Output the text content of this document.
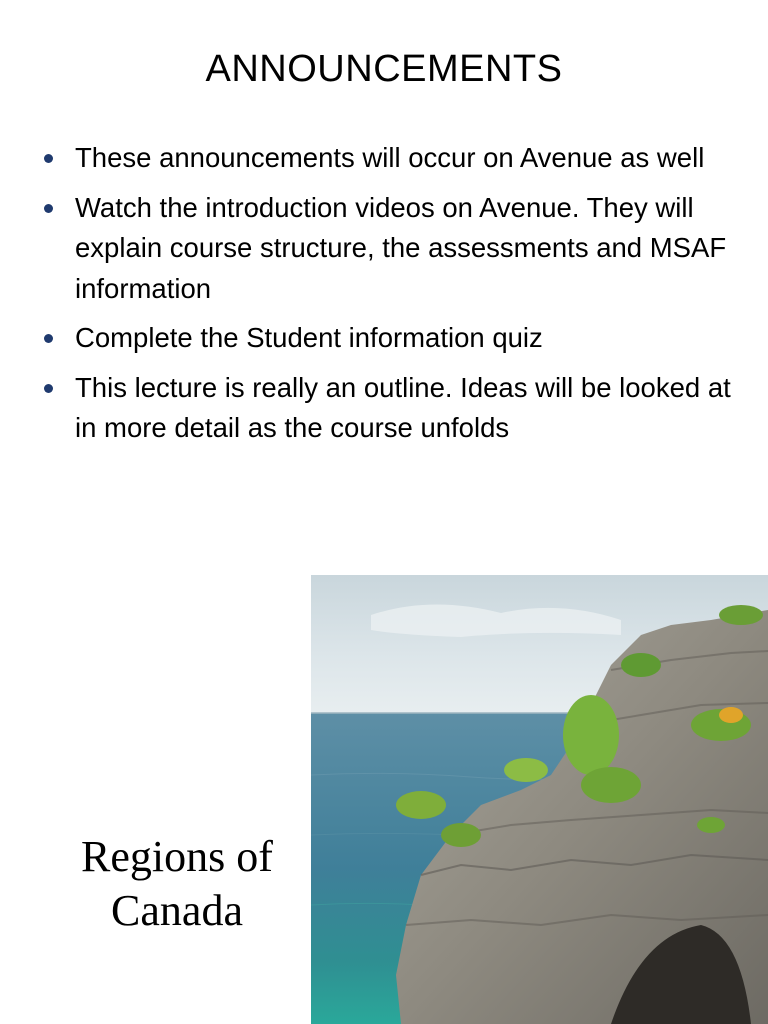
ANNOUNCEMENTS
These announcements will occur on Avenue as well
Watch the introduction videos on Avenue. They will explain course structure, the assessments and MSAF information
Complete the Student information quiz
This lecture is really an outline. Ideas will be looked at in more detail as the course unfolds
Regions of
Canada
